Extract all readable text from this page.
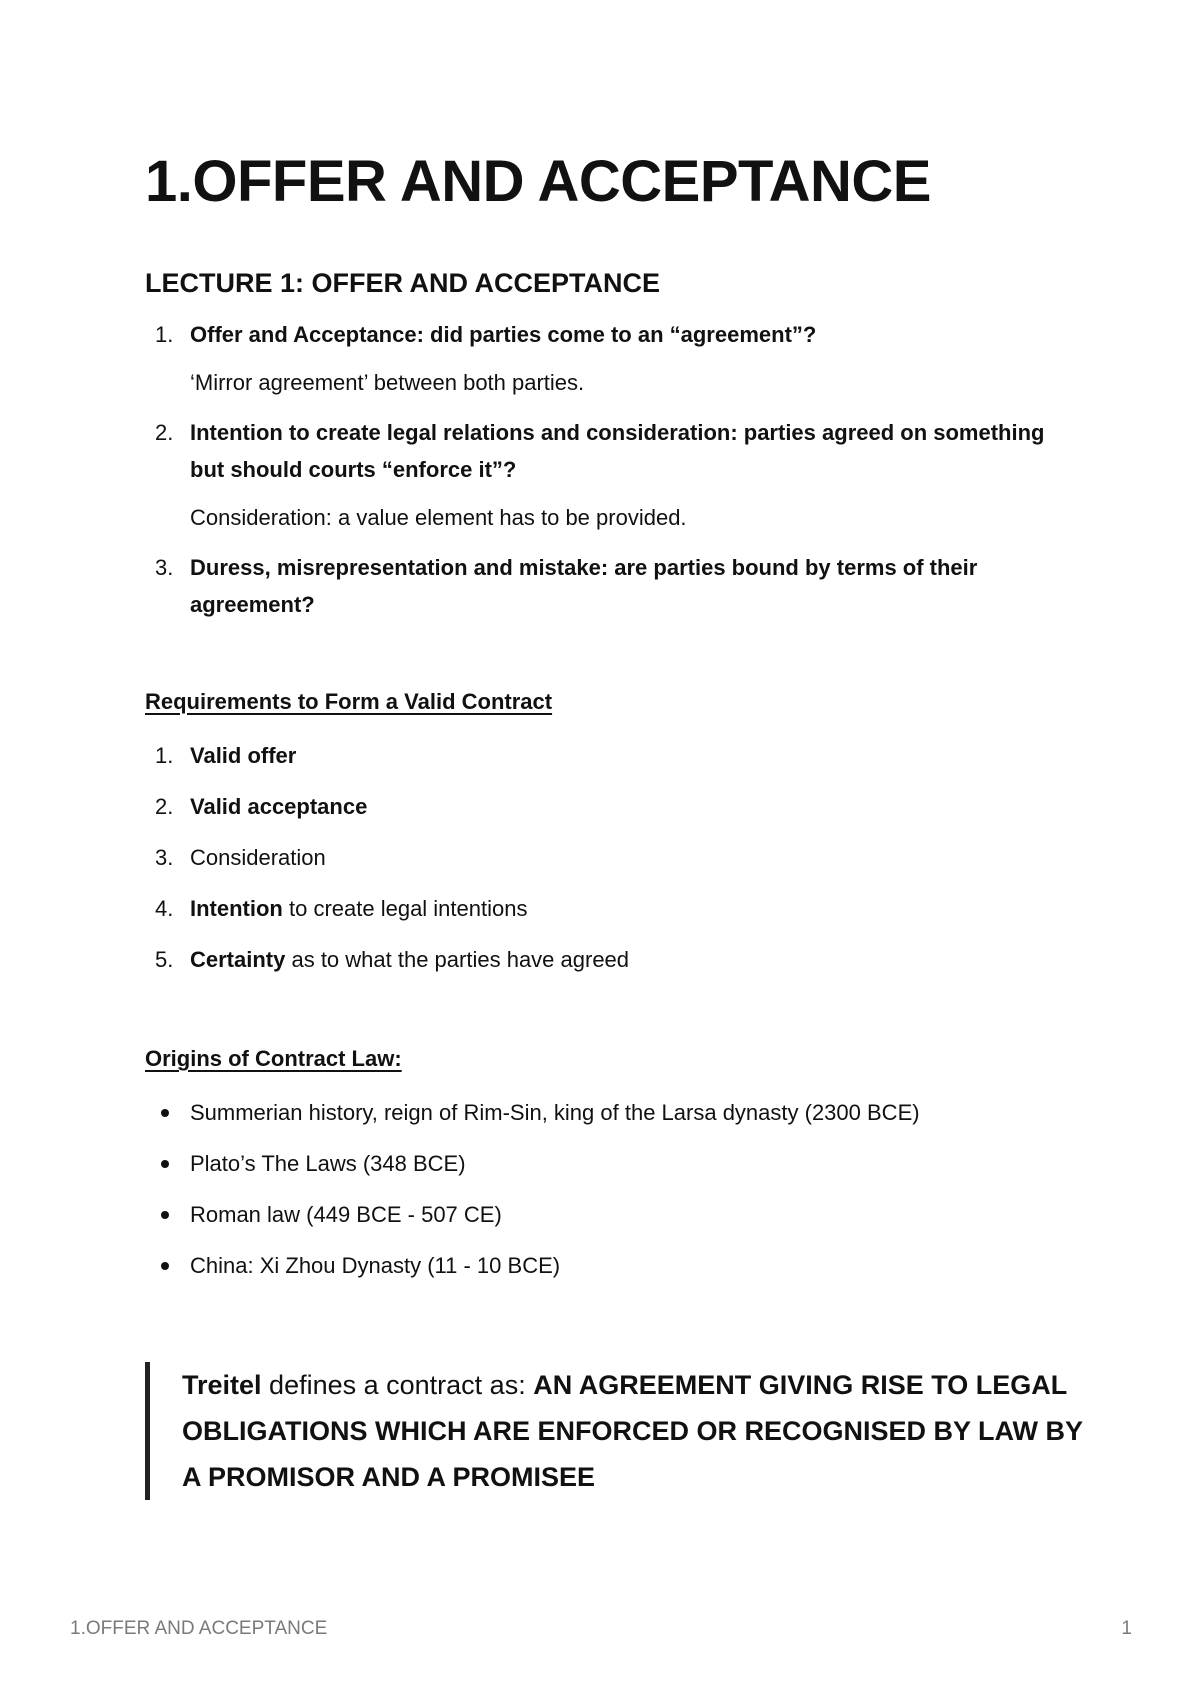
1.OFFER AND ACCEPTANCE
LECTURE 1: OFFER AND ACCEPTANCE
1. Offer and Acceptance: did parties come to an “agreement”?
‘Mirror agreement’ between both parties.
2. Intention to create legal relations and consideration: parties agreed on something but should courts “enforce it”?
Consideration: a value element has to be provided.
3. Duress, misrepresentation and mistake: are parties bound by terms of their agreement?
Requirements to Form a Valid Contract
1. Valid offer
2. Valid acceptance
3. Consideration
4. Intention to create legal intentions
5. Certainty as to what the parties have agreed
Origins of Contract Law:
Summerian history, reign of Rim-Sin, king of the Larsa dynasty (2300 BCE)
Plato’s The Laws (348 BCE)
Roman law (449 BCE - 507 CE)
China: Xi Zhou Dynasty (11 - 10 BCE)
Treitel defines a contract as: AN AGREEMENT GIVING RISE TO LEGAL OBLIGATIONS WHICH ARE ENFORCED OR RECOGNISED BY LAW BY A PROMISOR AND A PROMISEE
1.OFFER AND ACCEPTANCE	1
